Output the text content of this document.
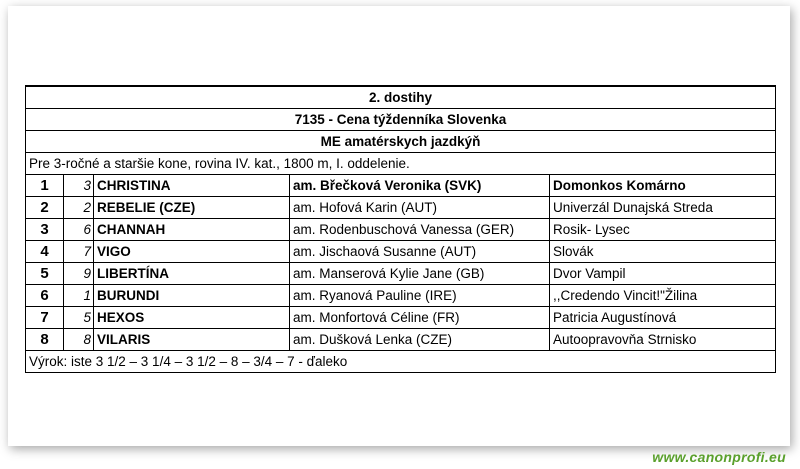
2. dostihy				
7135 - Cena týždenníka Slovenka				
ME amatérskych jazdkýň				
Pre 3-ročné a staršie kone, rovina IV. kat., 1800 m, I. oddelenie.				
1	3	CHRISTINA	am. Břečková Veronika (SVK)	Domonkos Komárno
2	2	REBELIE (CZE)	am. Hofová Karin (AUT)	Univerzál Dunajská Streda
3	6	CHANNAH	am. Rodenbuschová Vanessa (GER)	Rosik- Lysec
4	7	VIGO	am. Jischaová Susanne (AUT)	Slovák
5	9	LIBERTÍNA	am. Manserová Kylie Jane (GB)	Dvor Vampil
6	1	BURUNDI	am. Ryanová Pauline (IRE)	,,Credendo Vincit!"Žilina
7	5	HEXOS	am. Monfortová Céline (FR)	Patricia Augustínová
8	8	VILARIS	am. Dušková Lenka (CZE)	Autoopravovňa Strnisko
Výrok: iste 3 1/2 – 3 1/4 – 3 1/2 – 8 – 3/4 – 7 - ďaleko				
www.canonprofi.eu
